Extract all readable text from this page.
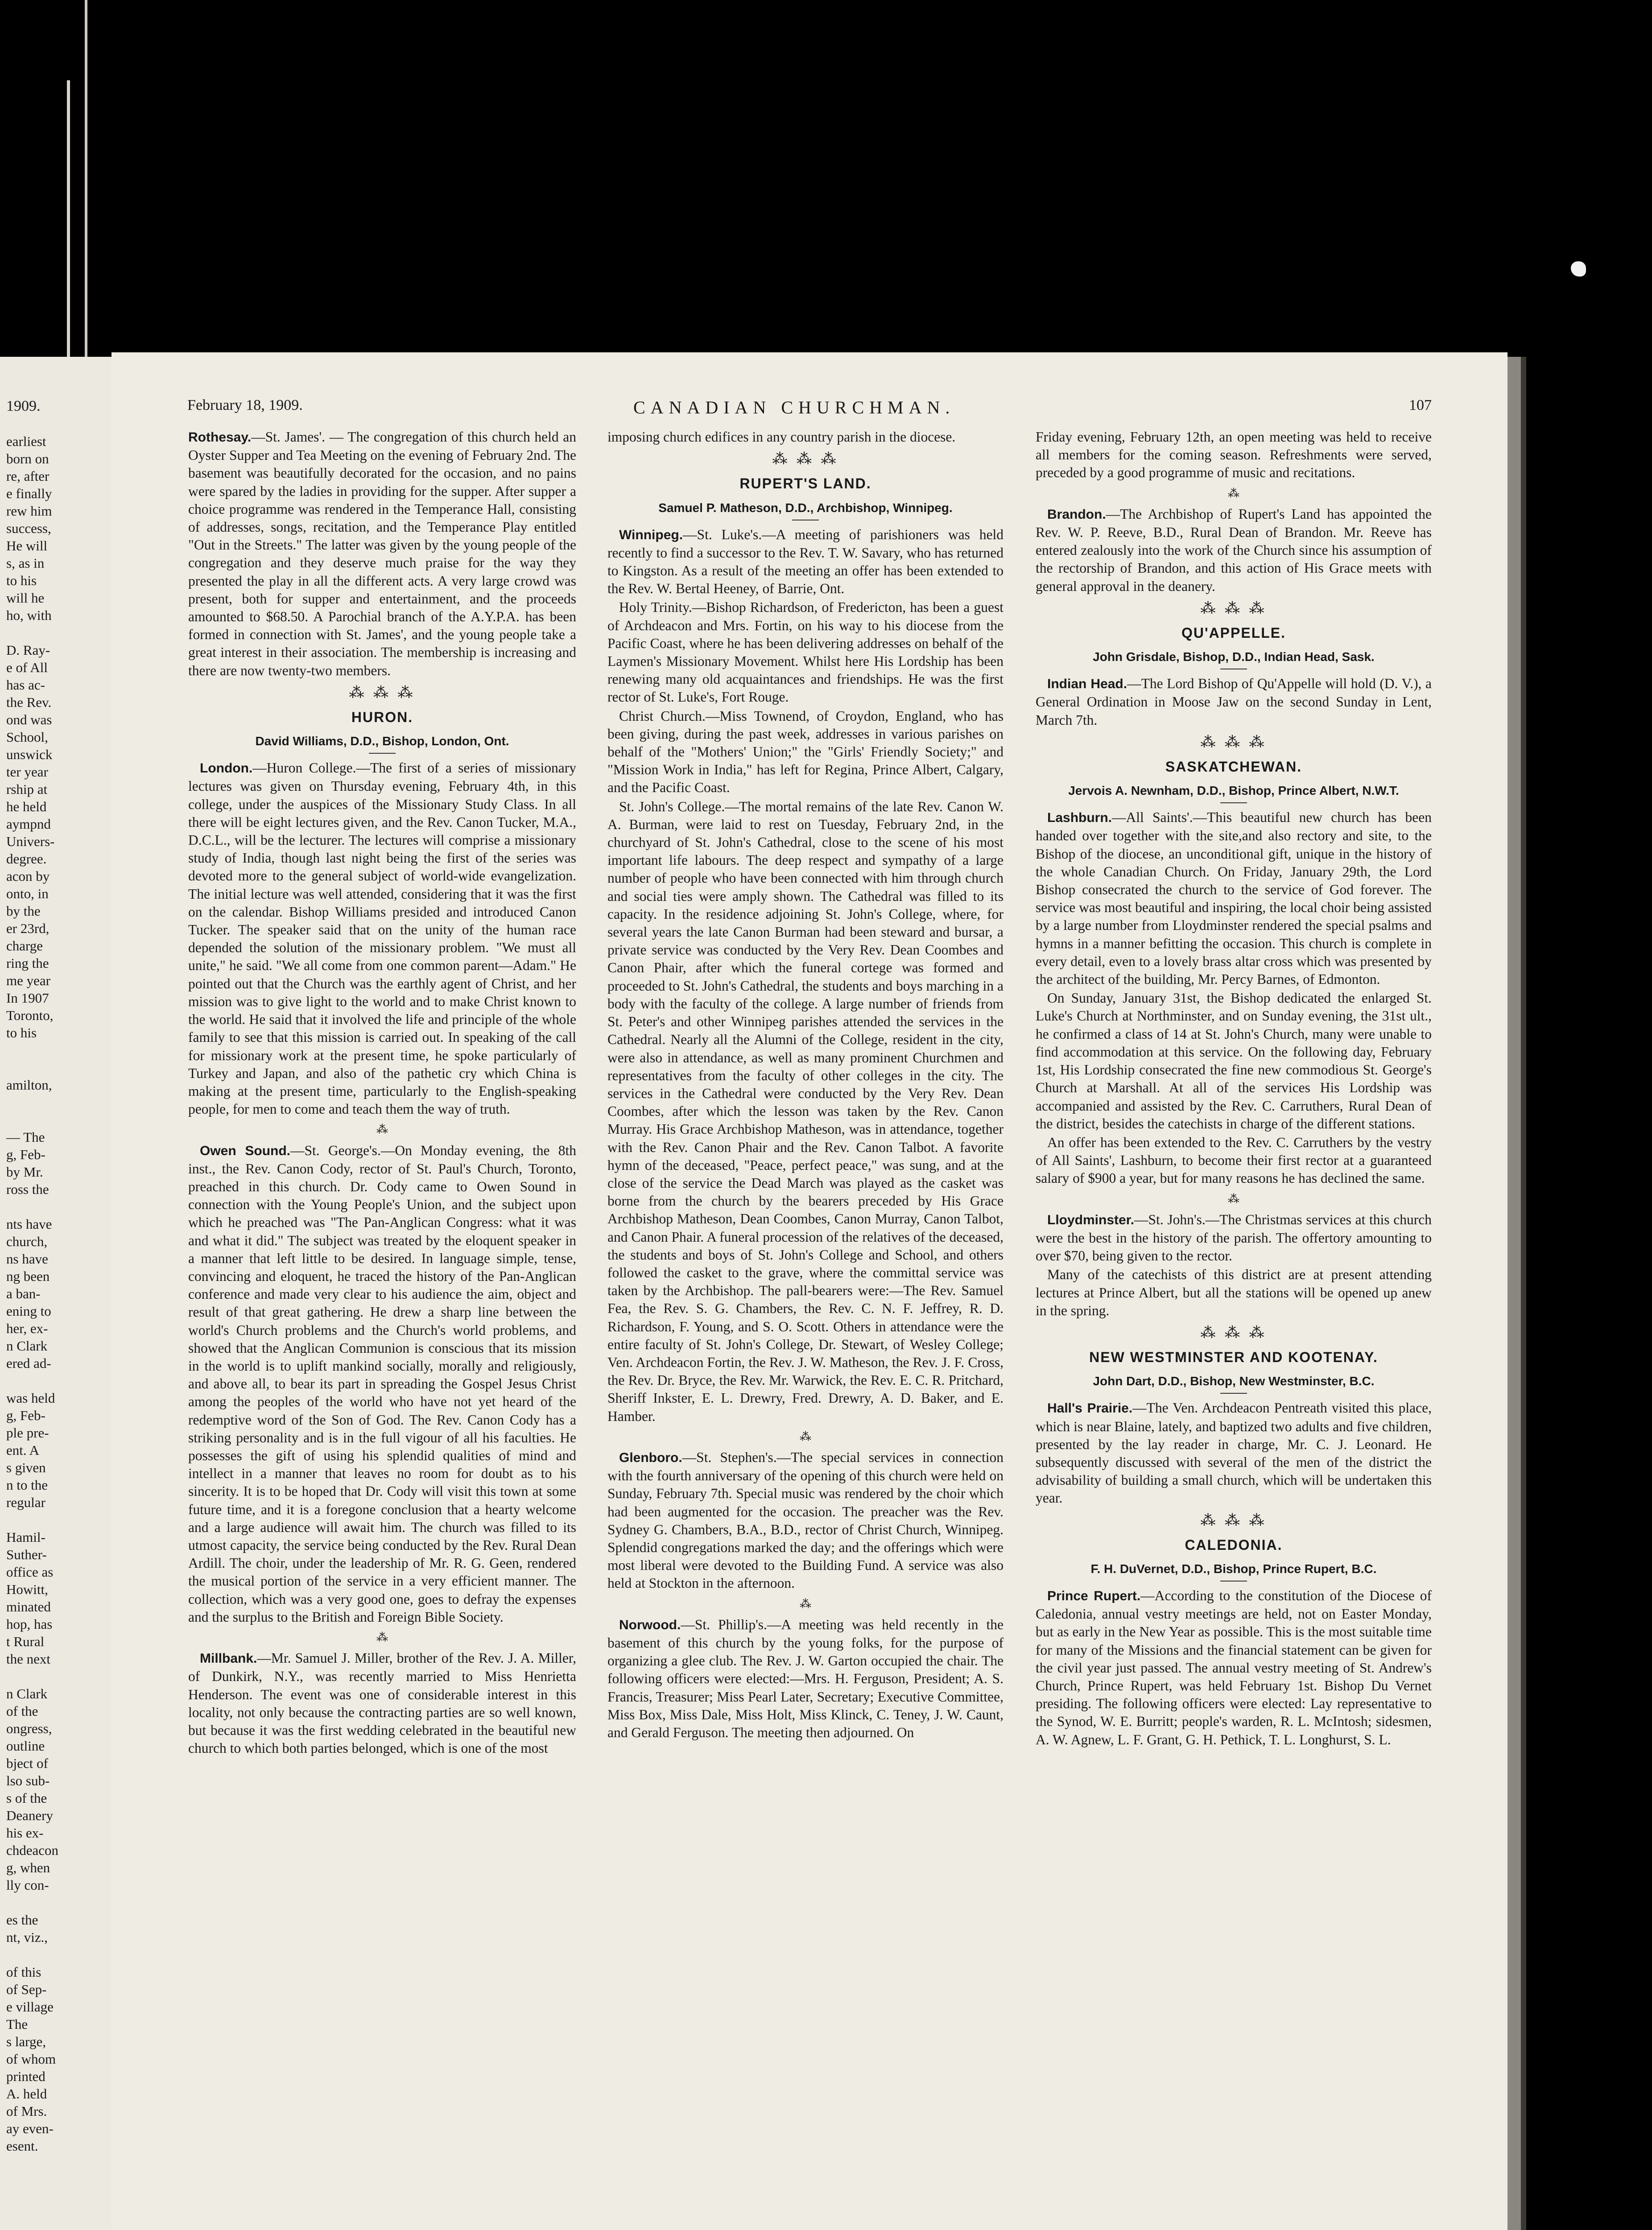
1909.
earliest
born on
re, after
e finally
rew him
success,
He will
s, as in
to his
will he
ho, with

D. Ray-
e of All
has ac-
the Rev.
ond was
School,
unswick
ter year
rship at
he held
aympnd
Univers-
degree.
acon by
onto, in
by the
er 23rd,
charge
ring the
me year
In 1907
Toronto,
to his

amilton,

— The
g, Feb-
by Mr.
ross the

nts have
church,
ns have
ng been
a ban-
ening to
her, ex-
n Clark
ered ad-

was held
g, Feb-
ple pre-
ent. A
s given
n to the
regular

Hamil-
Suther-
office as
Howitt,
minated
hop, has
t Rural
the next

n Clark
of the
ongress,
outline
bject of
lso sub-
s of the
Deanery
his ex-
chdeacon
g, when
lly con-

es the
nt, viz.,

of this
of Sep-
e village
The
s large,
of whom
printed
A. held
of Mrs.
ay even-
esent.
February 18, 1909.	CANADIAN CHURCHMAN.	107

Rothesay.—St. James'. — The congregation of this church held an Oyster Supper and Tea Meeting on the evening of February 2nd. The basement was beautifully decorated for the occasion, and no pains were spared by the ladies in providing for the supper. After supper a choice programme was rendered in the Temperance Hall, consisting of addresses, songs, recitation, and the Temperance Play entitled "Out in the Streets." The latter was given by the young people of the congregation and they deserve much praise for the way they presented the play in all the different acts. A very large crowd was present, both for supper and entertainment, and the proceeds amounted to $68.50. A Parochial branch of the A.Y.P.A. has been formed in connection with St. James', and the young people take a great interest in their association. The membership is increasing and there are now twenty-two members.

⁂ ⁂ ⁂
HURON.
David Williams, D.D., Bishop, London, Ont.

London.—Huron College.—The first of a series of missionary lectures was given on Thursday evening, February 4th, in this college, under the auspices of the Missionary Study Class. In all there will be eight lectures given, and the Rev. Canon Tucker, M.A., D.C.L., will be the lecturer. The lectures will comprise a missionary study of India, though last night being the first of the series was devoted more to the general subject of world-wide evangelization. The initial lecture was well attended, considering that it was the first on the calendar. Bishop Williams presided and introduced Canon Tucker. The speaker said that on the unity of the human race depended the solution of the missionary problem. "We must all unite," he said. "We all come from one common parent—Adam." He pointed out that the Church was the earthly agent of Christ, and her mission was to give light to the world and to make Christ known to the world. He said that it involved the life and principle of the whole family to see that this mission is carried out. In speaking of the call for missionary work at the present time, he spoke particularly of Turkey and Japan, and also of the pathetic cry which China is making at the present time, particularly to the English-speaking people, for men to come and teach them the way of truth.

⁂

Owen Sound.—St. George's.—On Monday evening, the 8th inst., the Rev. Canon Cody, rector of St. Paul's Church, Toronto, preached in this church. Dr. Cody came to Owen Sound in connection with the Young People's Union, and the subject upon which he preached was "The Pan-Anglican Congress: what it was and what it did." The subject was treated by the eloquent speaker in a manner that left little to be desired. In language simple, tense, convincing and eloquent, he traced the history of the Pan-Anglican conference and made very clear to his audience the aim, object and result of that great gathering. He drew a sharp line between the world's Church problems and the Church's world problems, and showed that the Anglican Communion is conscious that its mission in the world is to uplift mankind socially, morally and religiously, and above all, to bear its part in spreading the Gospel Jesus Christ among the peoples of the world who have not yet heard of the redemptive word of the Son of God. The Rev. Canon Cody has a striking personality and is in the full vigour of all his faculties. He possesses the gift of using his splendid qualities of mind and intellect in a manner that leaves no room for doubt as to his sincerity. It is to be hoped that Dr. Cody will visit this town at some future time, and it is a foregone conclusion that a hearty welcome and a large audience will await him. The church was filled to its utmost capacity, the service being conducted by the Rev. Rural Dean Ardill. The choir, under the leadership of Mr. R. G. Geen, rendered the musical portion of the service in a very efficient manner. The collection, which was a very good one, goes to defray the expenses and the surplus to the British and Foreign Bible Society.

⁂

Millbank.—Mr. Samuel J. Miller, brother of the Rev. J. A. Miller, of Dunkirk, N.Y., was recently married to Miss Henrietta Henderson. The event was one of considerable interest in this locality, not only because the contracting parties are so well known, but because it was the first wedding celebrated in the beautiful new church to which both parties belonged, which is one of the most

imposing church edifices in any country parish in the diocese.

⁂ ⁂ ⁂
RUPERT'S LAND.
Samuel P. Matheson, D.D., Archbishop, Winnipeg.

Winnipeg.—St. Luke's.—A meeting of parishioners was held recently to find a successor to the Rev. T. W. Savary, who has returned to Kingston. As a result of the meeting an offer has been extended to the Rev. W. Bertal Heeney, of Barrie, Ont.

Holy Trinity.—Bishop Richardson, of Fredericton, has been a guest of Archdeacon and Mrs. Fortin, on his way to his diocese from the Pacific Coast, where he has been delivering addresses on behalf of the Laymen's Missionary Movement. Whilst here His Lordship has been renewing many old acquaintances and friendships. He was the first rector of St. Luke's, Fort Rouge.

Christ Church.—Miss Townend, of Croydon, England, who has been giving, during the past week, addresses in various parishes on behalf of the "Mothers' Union;" the "Girls' Friendly Society;" and "Mission Work in India," has left for Regina, Prince Albert, Calgary, and the Pacific Coast.

St. John's College.—The mortal remains of the late Rev. Canon W. A. Burman, were laid to rest on Tuesday, February 2nd, in the churchyard of St. John's Cathedral, close to the scene of his most important life labours. The deep respect and sympathy of a large number of people who have been connected with him through church and social ties were amply shown. The Cathedral was filled to its capacity. In the residence adjoining St. John's College, where, for several years the late Canon Burman had been steward and bursar, a private service was conducted by the Very Rev. Dean Coombes and Canon Phair, after which the funeral cortege was formed and proceeded to St. John's Cathedral, the students and boys marching in a body with the faculty of the college. A large number of friends from St. Peter's and other Winnipeg parishes attended the services in the Cathedral. Nearly all the Alumni of the College, resident in the city, were also in attendance, as well as many prominent Churchmen and representatives from the faculty of other colleges in the city. The services in the Cathedral were conducted by the Very Rev. Dean Coombes, after which the lesson was taken by the Rev. Canon Murray. His Grace Archbishop Matheson, was in attendance, together with the Rev. Canon Phair and the Rev. Canon Talbot. A favorite hymn of the deceased, "Peace, perfect peace," was sung, and at the close of the service the Dead March was played as the casket was borne from the church by the bearers preceded by His Grace Archbishop Matheson, Dean Coombes, Canon Murray, Canon Talbot, and Canon Phair. A funeral procession of the relatives of the deceased, the students and boys of St. John's College and School, and others followed the casket to the grave, where the committal service was taken by the Archbishop. The pall-bearers were:—The Rev. Samuel Fea, the Rev. S. G. Chambers, the Rev. C. N. F. Jeffrey, R. D. Richardson, F. Young, and S. O. Scott. Others in attendance were the entire faculty of St. John's College, Dr. Stewart, of Wesley College; Ven. Archdeacon Fortin, the Rev. J. W. Matheson, the Rev. J. F. Cross, the Rev. Dr. Bryce, the Rev. Mr. Warwick, the Rev. E. C. R. Pritchard, Sheriff Inkster, E. L. Drewry, Fred. Drewry, A. D. Baker, and E. Hamber.

⁂

Glenboro.—St. Stephen's.—The special services in connection with the fourth anniversary of the opening of this church were held on Sunday, February 7th. Special music was rendered by the choir which had been augmented for the occasion. The preacher was the Rev. Sydney G. Chambers, B.A., B.D., rector of Christ Church, Winnipeg. Splendid congregations marked the day; and the offerings which were most liberal were devoted to the Building Fund. A service was also held at Stockton in the afternoon.

⁂

Norwood.—St. Phillip's.—A meeting was held recently in the basement of this church by the young folks, for the purpose of organizing a glee club. The Rev. J. W. Garton occupied the chair. The following officers were elected:—Mrs. H. Ferguson, President; A. S. Francis, Treasurer; Miss Pearl Later, Secretary; Executive Committee, Miss Box, Miss Dale, Miss Holt, Miss Klinck, C. Teney, J. W. Caunt, and Gerald Ferguson. The meeting then adjourned. On

Friday evening, February 12th, an open meeting was held to receive all members for the coming season. Refreshments were served, preceded by a good programme of music and recitations.

⁂

Brandon.—The Archbishop of Rupert's Land has appointed the Rev. W. P. Reeve, B.D., Rural Dean of Brandon. Mr. Reeve has entered zealously into the work of the Church since his assumption of the rectorship of Brandon, and this action of His Grace meets with general approval in the deanery.

⁂ ⁂ ⁂
QU'APPELLE.
John Grisdale, Bishop, D.D., Indian Head, Sask.

Indian Head.—The Lord Bishop of Qu'Appelle will hold (D. V.), a General Ordination in Moose Jaw on the second Sunday in Lent, March 7th.

⁂ ⁂ ⁂
SASKATCHEWAN.
Jervois A. Newnham, D.D., Bishop, Prince Albert, N.W.T.

Lashburn.—All Saints'.—This beautiful new church has been handed over together with the site,and also rectory and site, to the Bishop of the diocese, an unconditional gift, unique in the history of the whole Canadian Church. On Friday, January 29th, the Lord Bishop consecrated the church to the service of God forever. The service was most beautiful and inspiring, the local choir being assisted by a large number from Lloydminster rendered the special psalms and hymns in a manner befitting the occasion. This church is complete in every detail, even to a lovely brass altar cross which was presented by the architect of the building, Mr. Percy Barnes, of Edmonton.

On Sunday, January 31st, the Bishop dedicated the enlarged St. Luke's Church at Northminster, and on Sunday evening, the 31st ult., he confirmed a class of 14 at St. John's Church, many were unable to find accommodation at this service. On the following day, February 1st, His Lordship consecrated the fine new commodious St. George's Church at Marshall. At all of the services His Lordship was accompanied and assisted by the Rev. C. Carruthers, Rural Dean of the district, besides the catechists in charge of the different stations.

An offer has been extended to the Rev. C. Carruthers by the vestry of All Saints', Lashburn, to become their first rector at a guaranteed salary of $900 a year, but for many reasons he has declined the same.

⁂

Lloydminster.—St. John's.—The Christmas services at this church were the best in the history of the parish. The offertory amounting to over $70, being given to the rector.

Many of the catechists of this district are at present attending lectures at Prince Albert, but all the stations will be opened up anew in the spring.

⁂ ⁂ ⁂
NEW WESTMINSTER AND KOOTENAY.
John Dart, D.D., Bishop, New Westminster, B.C.

Hall's Prairie.—The Ven. Archdeacon Pentreath visited this place, which is near Blaine, lately, and baptized two adults and five children, presented by the lay reader in charge, Mr. C. J. Leonard. He subsequently discussed with several of the men of the district the advisability of building a small church, which will be undertaken this year.

⁂ ⁂ ⁂
CALEDONIA.
F. H. DuVernet, D.D., Bishop, Prince Rupert, B.C.

Prince Rupert.—According to the constitution of the Diocese of Caledonia, annual vestry meetings are held, not on Easter Monday, but as early in the New Year as possible. This is the most suitable time for many of the Missions and the financial statement can be given for the civil year just passed. The annual vestry meeting of St. Andrew's Church, Prince Rupert, was held February 1st. Bishop Du Vernet presiding. The following officers were elected: Lay representative to the Synod, W. E. Burritt; people's warden, R. L. McIntosh; sidesmen, A. W. Agnew, L. F. Grant, G. H. Pethick, T. L. Longhurst, S. L.
